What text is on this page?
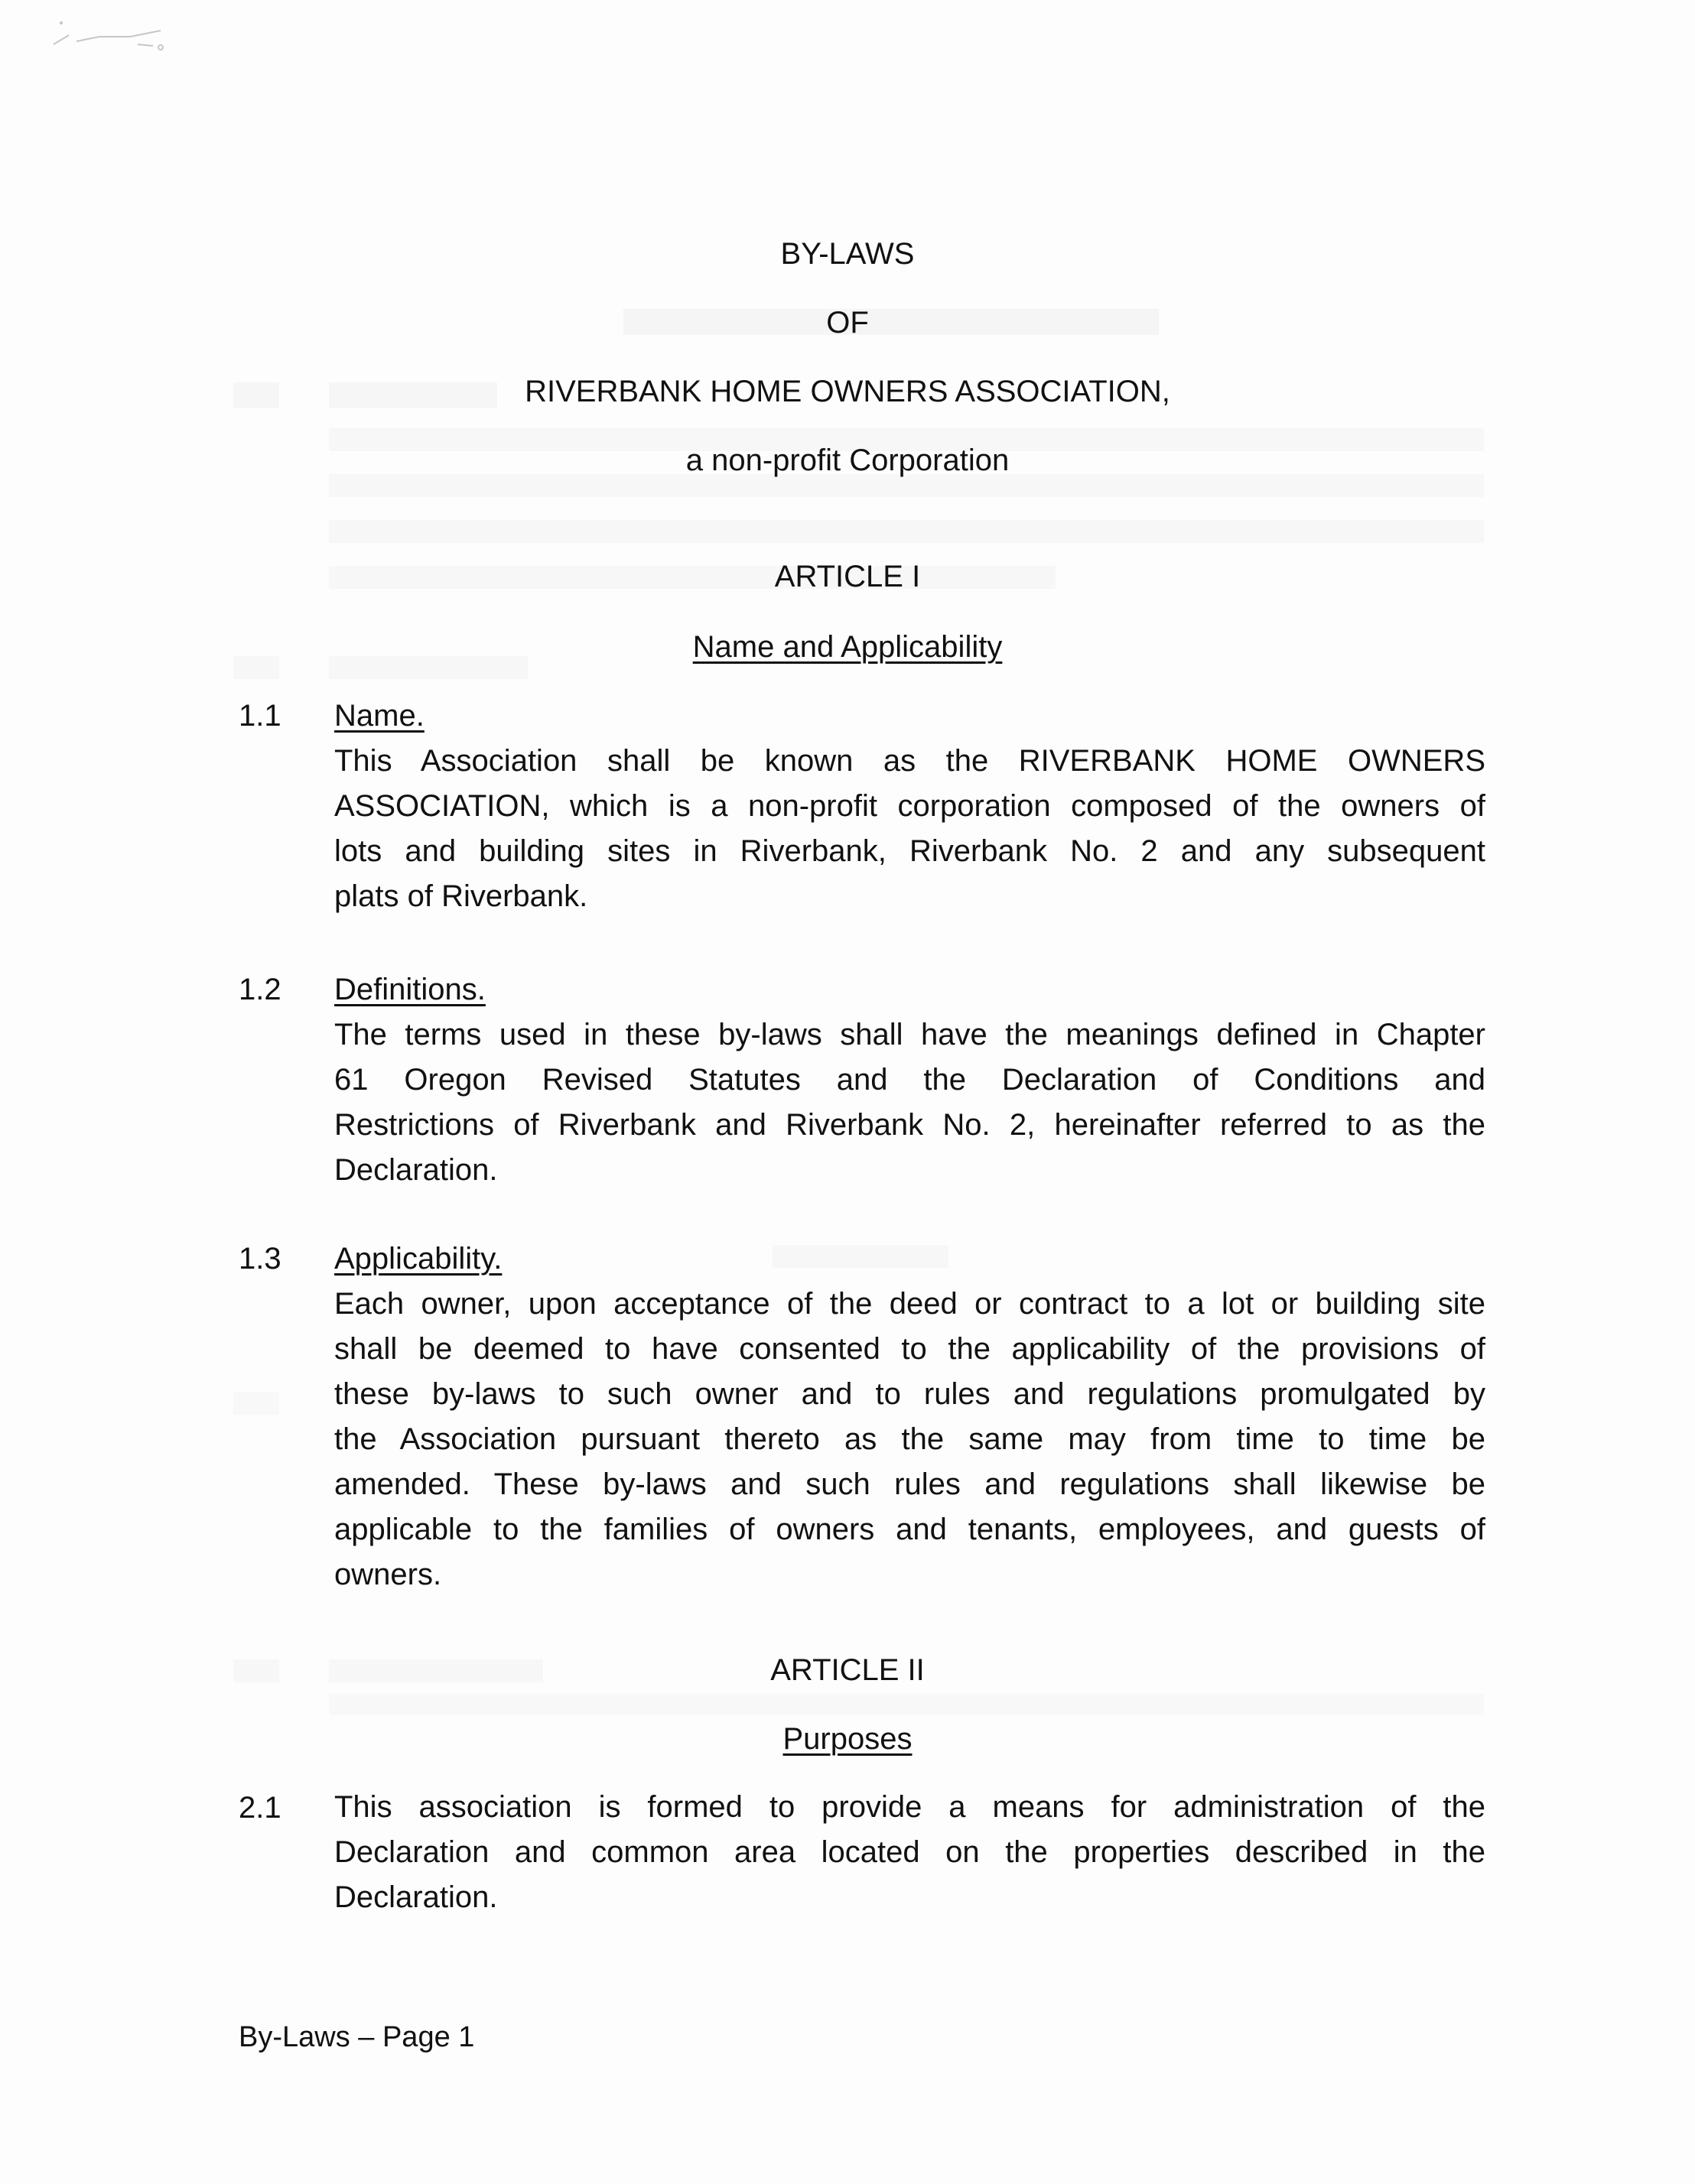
BY-LAWS
OF
RIVERBANK HOME OWNERS ASSOCIATION,
a non-profit Corporation
ARTICLE I
Name and Applicability
1.1 Name.
This Association shall be known as the RIVERBANK HOME OWNERS
ASSOCIATION, which is a non-profit corporation composed of the owners of
lots and building sites in Riverbank, Riverbank No. 2 and any subsequent
plats of Riverbank.
1.2 Definitions.
The terms used in these by-laws shall have the meanings defined in Chapter
61 Oregon Revised Statutes and the Declaration of Conditions and
Restrictions of Riverbank and Riverbank No. 2, hereinafter referred to as the
Declaration.
1.3 Applicability.
Each owner, upon acceptance of the deed or contract to a lot or building site
shall be deemed to have consented to the applicability of the provisions of
these by-laws to such owner and to rules and regulations promulgated by
the Association pursuant thereto as the same may from time to time be
amended. These by-laws and such rules and regulations shall likewise be
applicable to the families of owners and tenants, employees, and guests of
owners.
ARTICLE II
Purposes
2.1 This association is formed to provide a means for administration of the
Declaration and common area located on the properties described in the
Declaration.
By-Laws – Page 1
